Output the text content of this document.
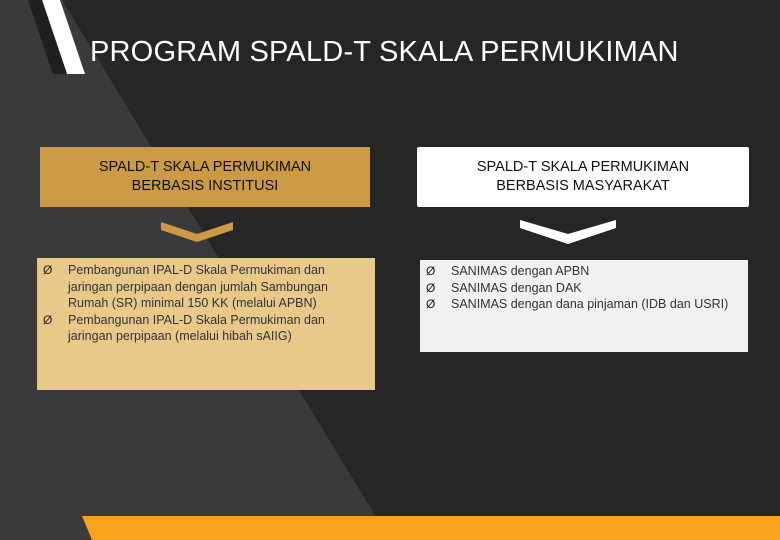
PROGRAM SPALD-T SKALA PERMUKIMAN
SPALD-T SKALA PERMUKIMAN
BERBASIS INSTITUSI
Ø Pembangunan IPAL-D Skala Permukiman dan jaringan perpipaan dengan jumlah Sambungan Rumah (SR) minimal 150 KK (melalui APBN)
Ø Pembangunan IPAL-D Skala Permukiman dan jaringan perpipaan (melalui hibah sAIIG)
SPALD-T SKALA PERMUKIMAN
BERBASIS MASYARAKAT
Ø SANIMAS dengan APBN
Ø SANIMAS dengan DAK
Ø SANIMAS dengan dana pinjaman (IDB dan USRI)
